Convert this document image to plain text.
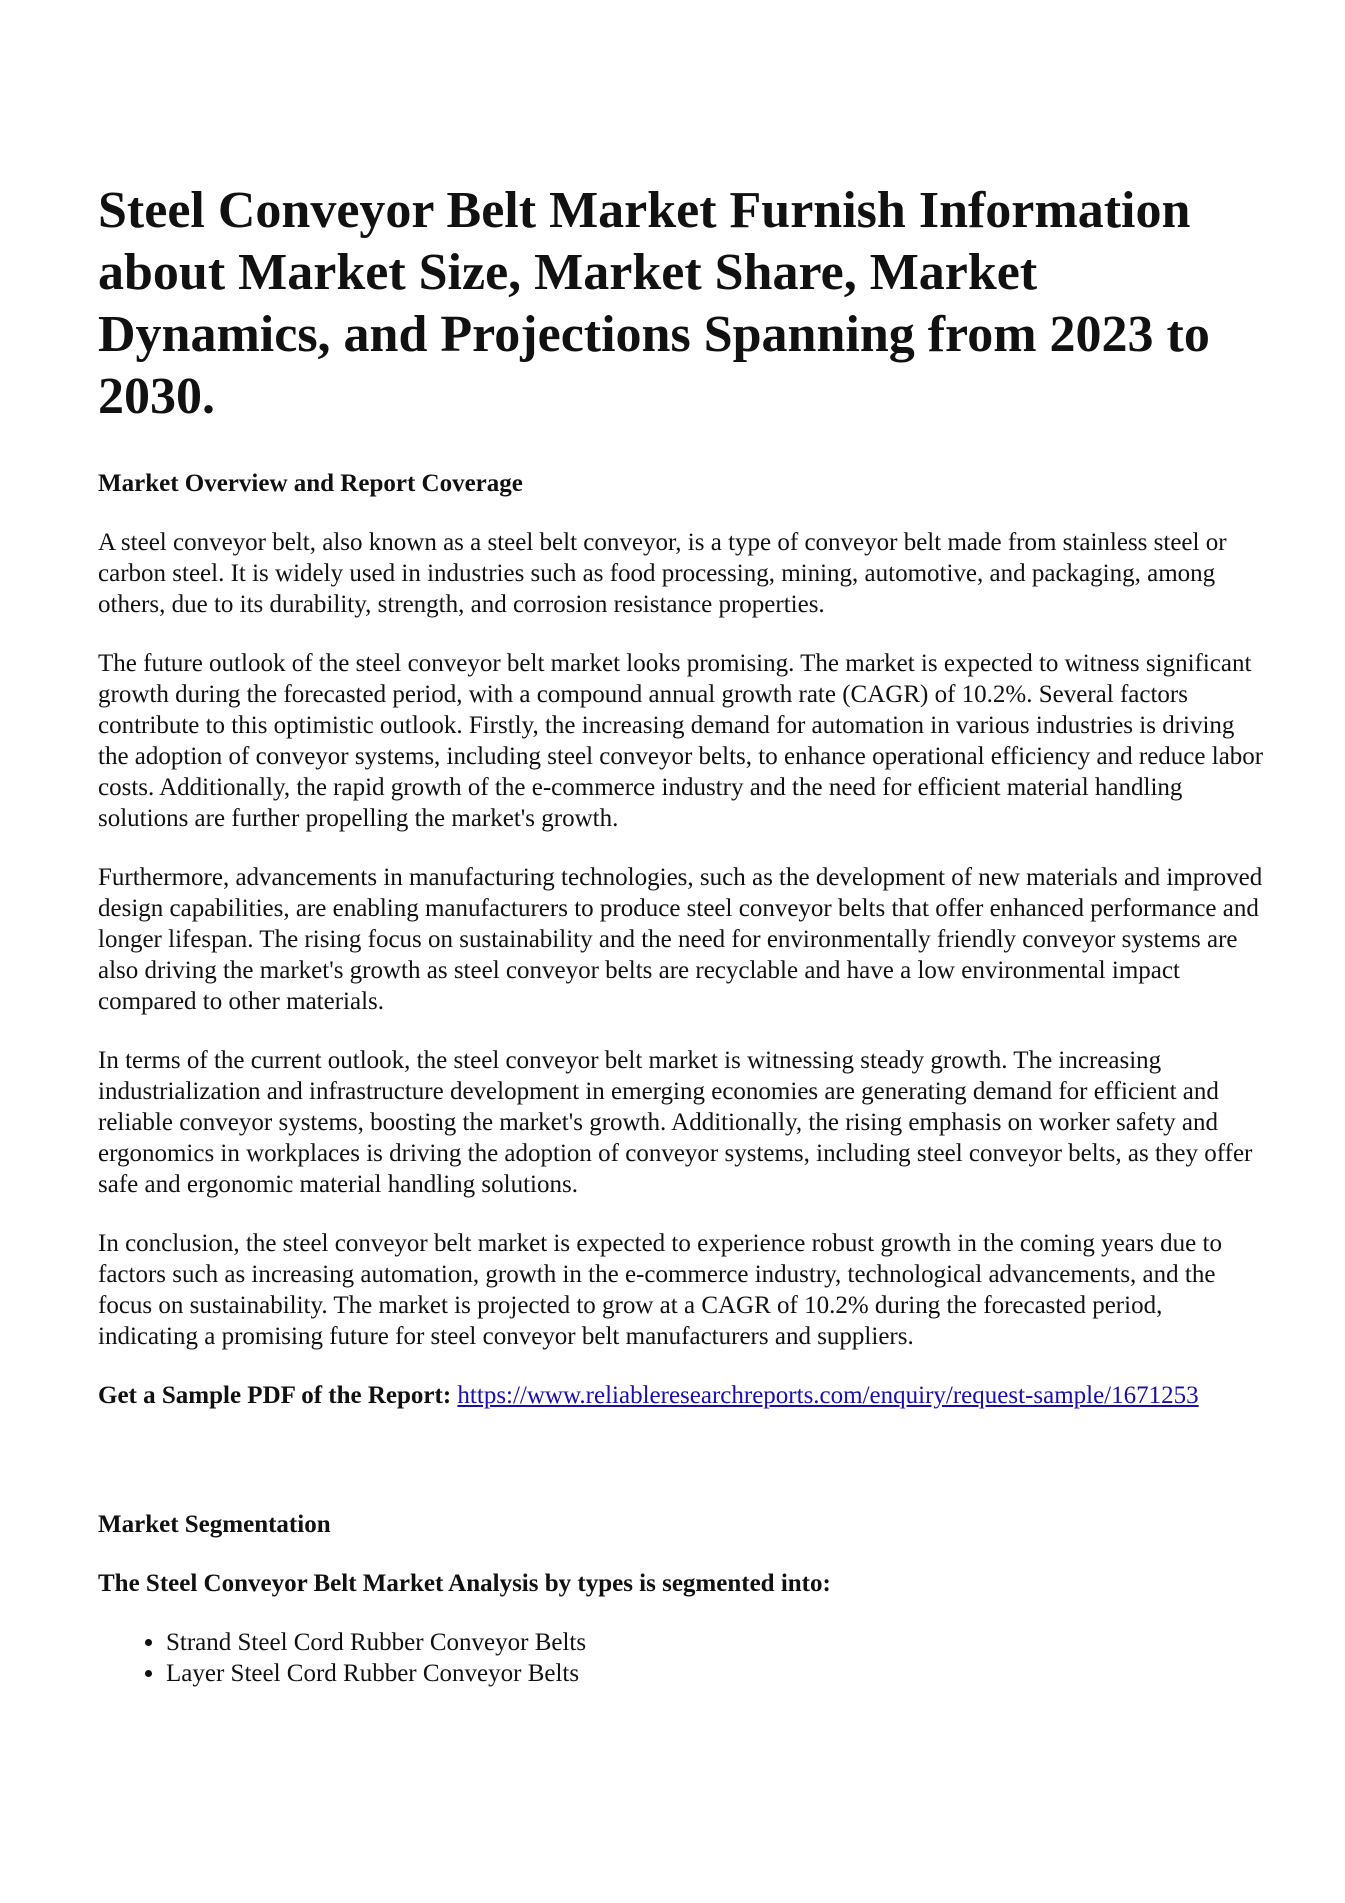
Steel Conveyor Belt Market Furnish Information about Market Size, Market Share, Market Dynamics, and Projections Spanning from 2023 to 2030.
Market Overview and Report Coverage

A steel conveyor belt, also known as a steel belt conveyor, is a type of conveyor belt made from stainless steel or carbon steel. It is widely used in industries such as food processing, mining, automotive, and packaging, among others, due to its durability, strength, and corrosion resistance properties.

The future outlook of the steel conveyor belt market looks promising. The market is expected to witness significant growth during the forecasted period, with a compound annual growth rate (CAGR) of 10.2%. Several factors contribute to this optimistic outlook. Firstly, the increasing demand for automation in various industries is driving the adoption of conveyor systems, including steel conveyor belts, to enhance operational efficiency and reduce labor costs. Additionally, the rapid growth of the e-commerce industry and the need for efficient material handling solutions are further propelling the market's growth.

Furthermore, advancements in manufacturing technologies, such as the development of new materials and improved design capabilities, are enabling manufacturers to produce steel conveyor belts that offer enhanced performance and longer lifespan. The rising focus on sustainability and the need for environmentally friendly conveyor systems are also driving the market's growth as steel conveyor belts are recyclable and have a low environmental impact compared to other materials.

In terms of the current outlook, the steel conveyor belt market is witnessing steady growth. The increasing industrialization and infrastructure development in emerging economies are generating demand for efficient and reliable conveyor systems, boosting the market's growth. Additionally, the rising emphasis on worker safety and ergonomics in workplaces is driving the adoption of conveyor systems, including steel conveyor belts, as they offer safe and ergonomic material handling solutions.

In conclusion, the steel conveyor belt market is expected to experience robust growth in the coming years due to factors such as increasing automation, growth in the e-commerce industry, technological advancements, and the focus on sustainability. The market is projected to grow at a CAGR of 10.2% during the forecasted period, indicating a promising future for steel conveyor belt manufacturers and suppliers.

Get a Sample PDF of the Report: https://www.reliableresearchreports.com/enquiry/request-sample/1671253

Market Segmentation
The Steel Conveyor Belt Market Analysis by types is segmented into:
• Strand Steel Cord Rubber Conveyor Belts
• Layer Steel Cord Rubber Conveyor Belts
